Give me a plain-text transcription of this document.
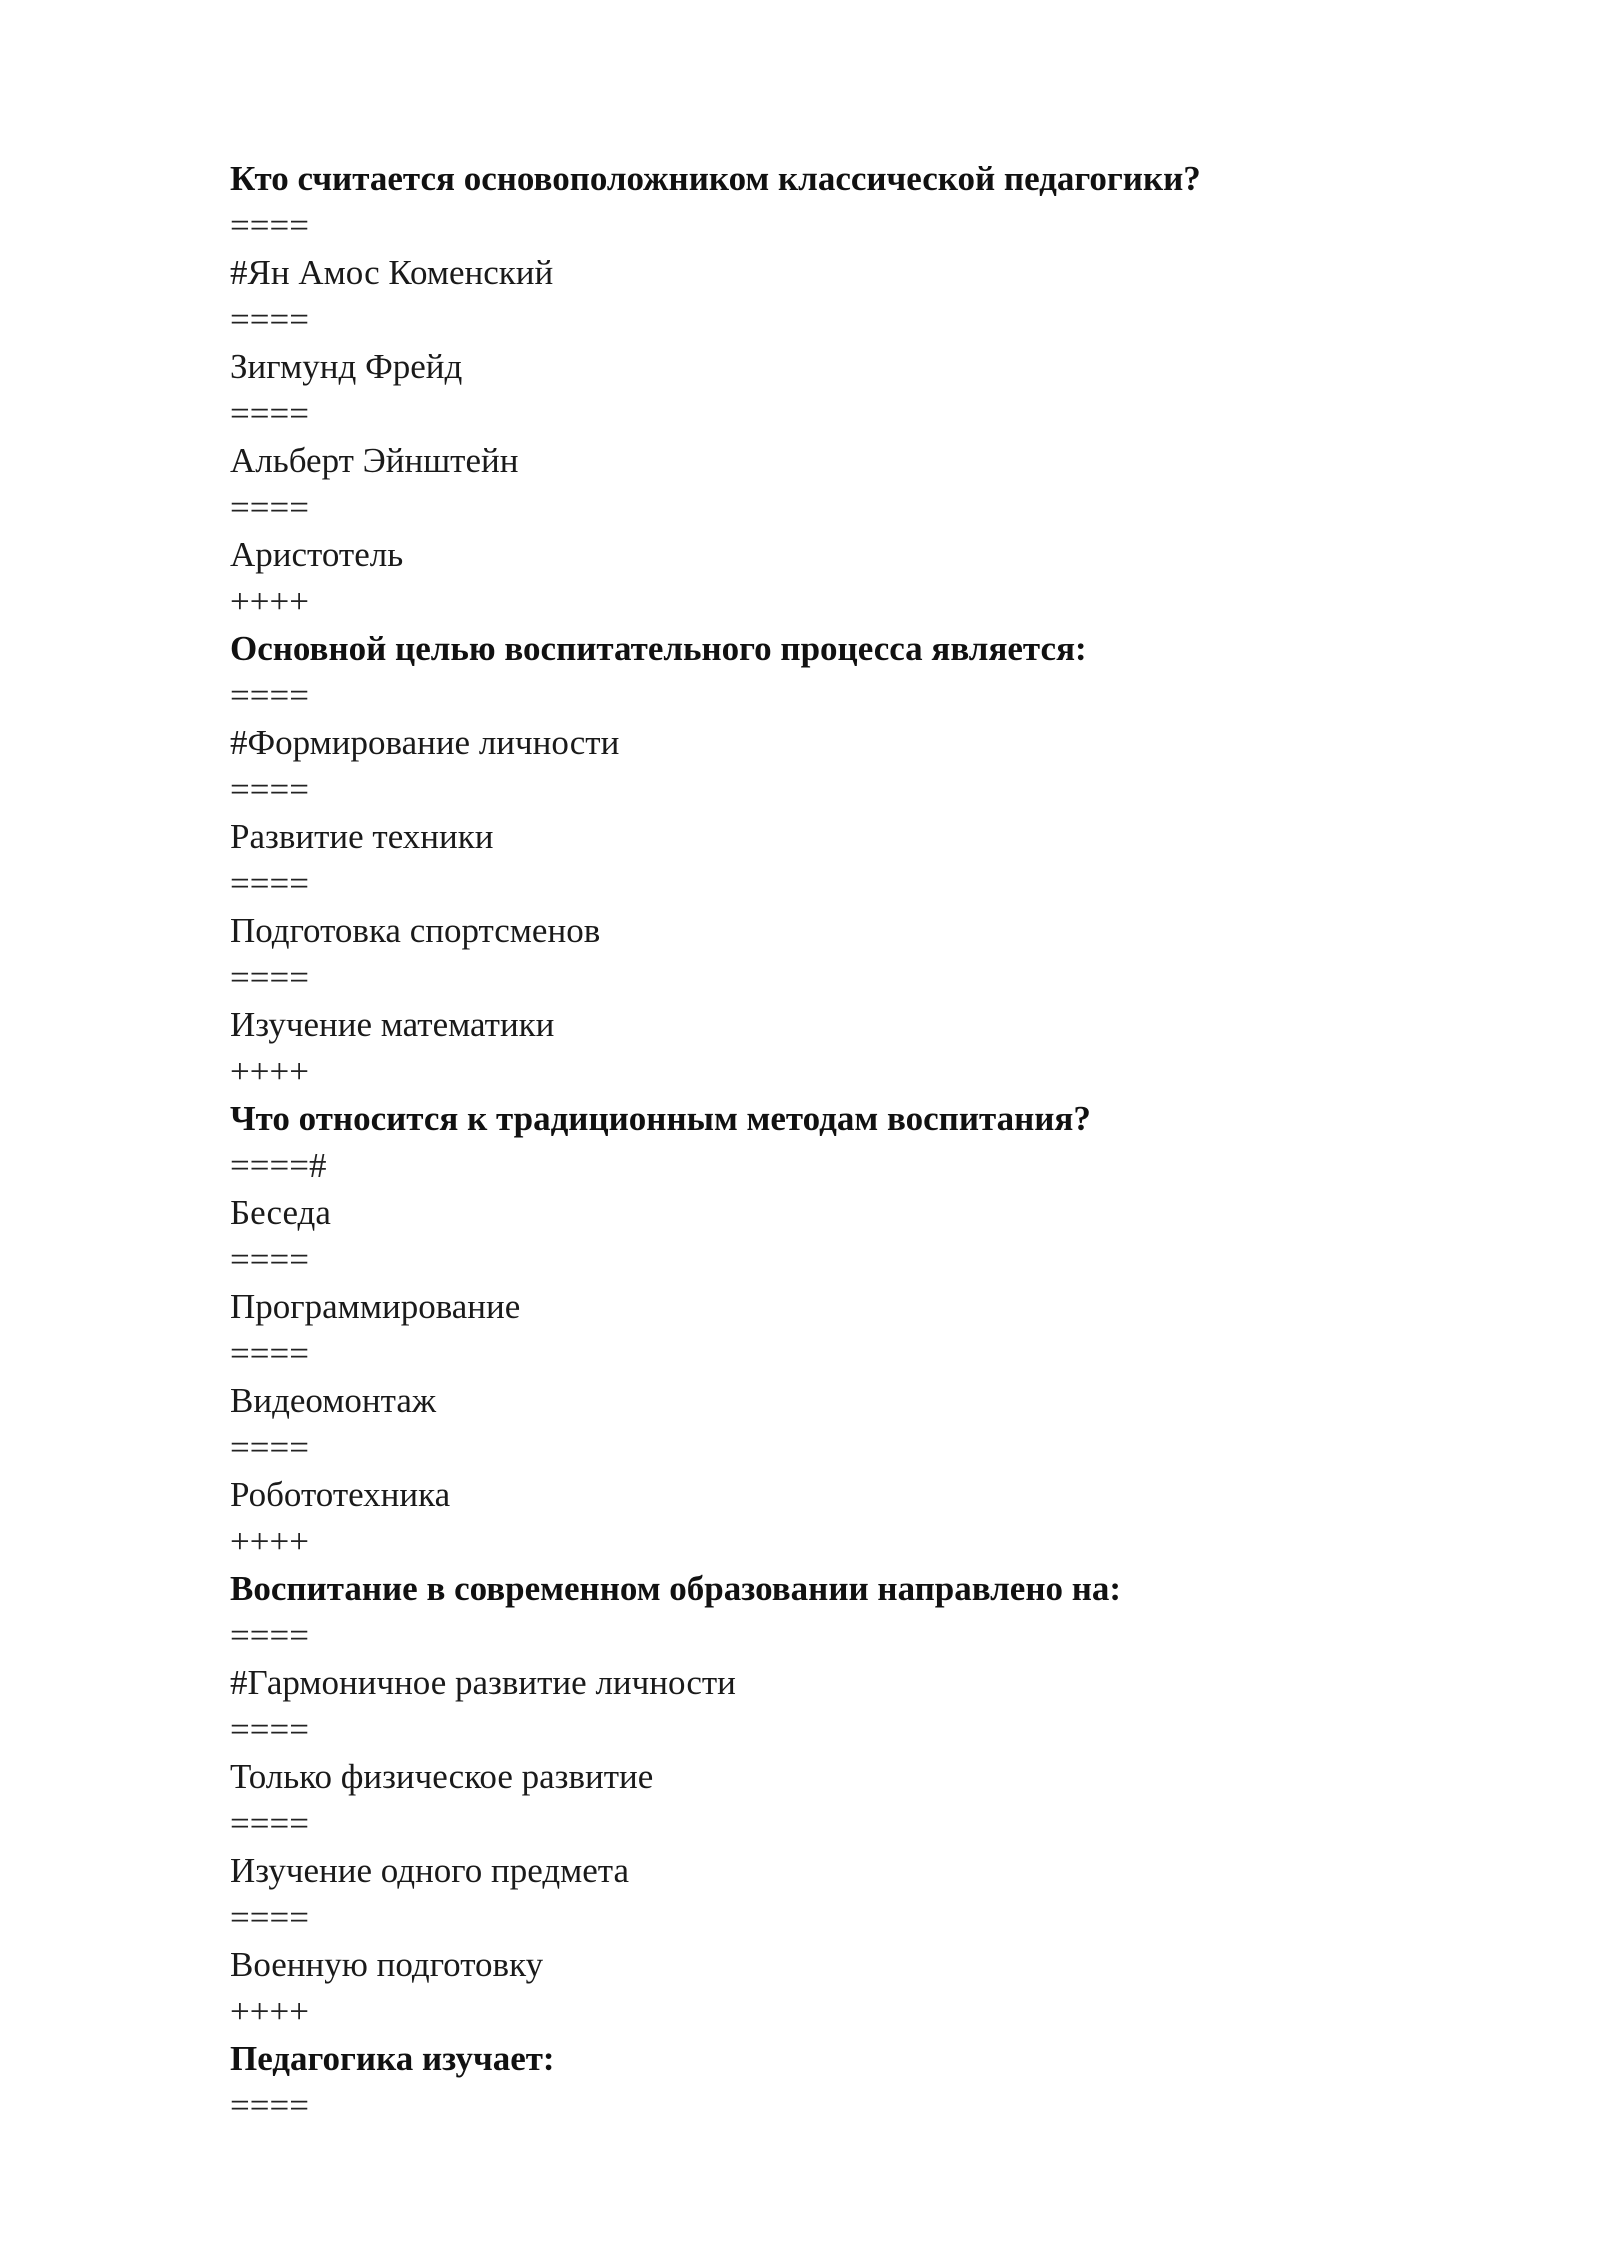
Кто считается основоположником классической педагогики?
====
#Ян Амос Коменский
====
Зигмунд Фрейд
====
Альберт Эйнштейн
====
Аристотель
++++
Основной целью воспитательного процесса является:
====
#Формирование личности
====
Развитие техники
====
Подготовка спортсменов
====
Изучение математики
++++
Что относится к традиционным методам воспитания?
====#
Беседа
====
Программирование
====
Видеомонтаж
====
Робототехника
++++
Воспитание в современном образовании направлено на:
====
#Гармоничное развитие личности
====
Только физическое развитие
====
Изучение одного предмета
====
Военную подготовку
++++
Педагогика изучает:
====
